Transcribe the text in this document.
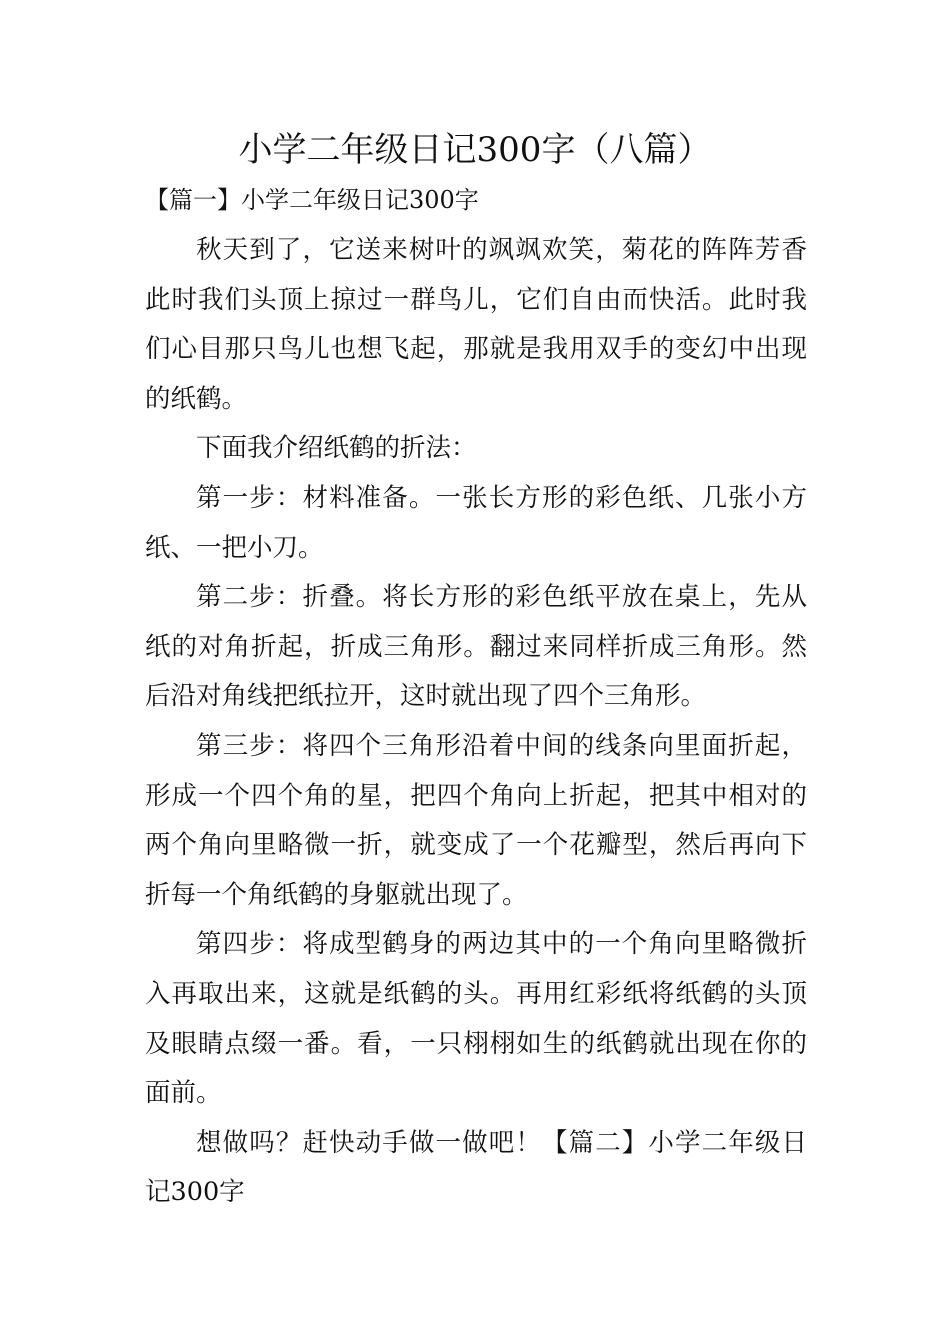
小学二年级日记300字（八篇）

【篇一】小学二年级日记300字

秋天到了，它送来树叶的飒飒欢笑，菊花的阵阵芳香此时我们头顶上掠过一群鸟儿，它们自由而快活。此时我们心目那只鸟儿也想飞起，那就是我用双手的变幻中出现的纸鹤。

下面我介绍纸鹤的折法：

第一步：材料准备。一张长方形的彩色纸、几张小方纸、一把小刀。

第二步：折叠。将长方形的彩色纸平放在桌上，先从纸的对角折起，折成三角形。翻过来同样折成三角形。然后沿对角线把纸拉开，这时就出现了四个三角形。

第三步：将四个三角形沿着中间的线条向里面折起，形成一个四个角的星，把四个角向上折起，把其中相对的两个角向里略微一折，就变成了一个花瓣型，然后再向下折每一个角纸鹤的身躯就出现了。

第四步：将成型鹤身的两边其中的一个角向里略微折入再取出来，这就是纸鹤的头。再用红彩纸将纸鹤的头顶及眼睛点缀一番。看，一只栩栩如生的纸鹤就出现在你的面前。

想做吗？赶快动手做一做吧！【篇二】小学二年级日记300字
